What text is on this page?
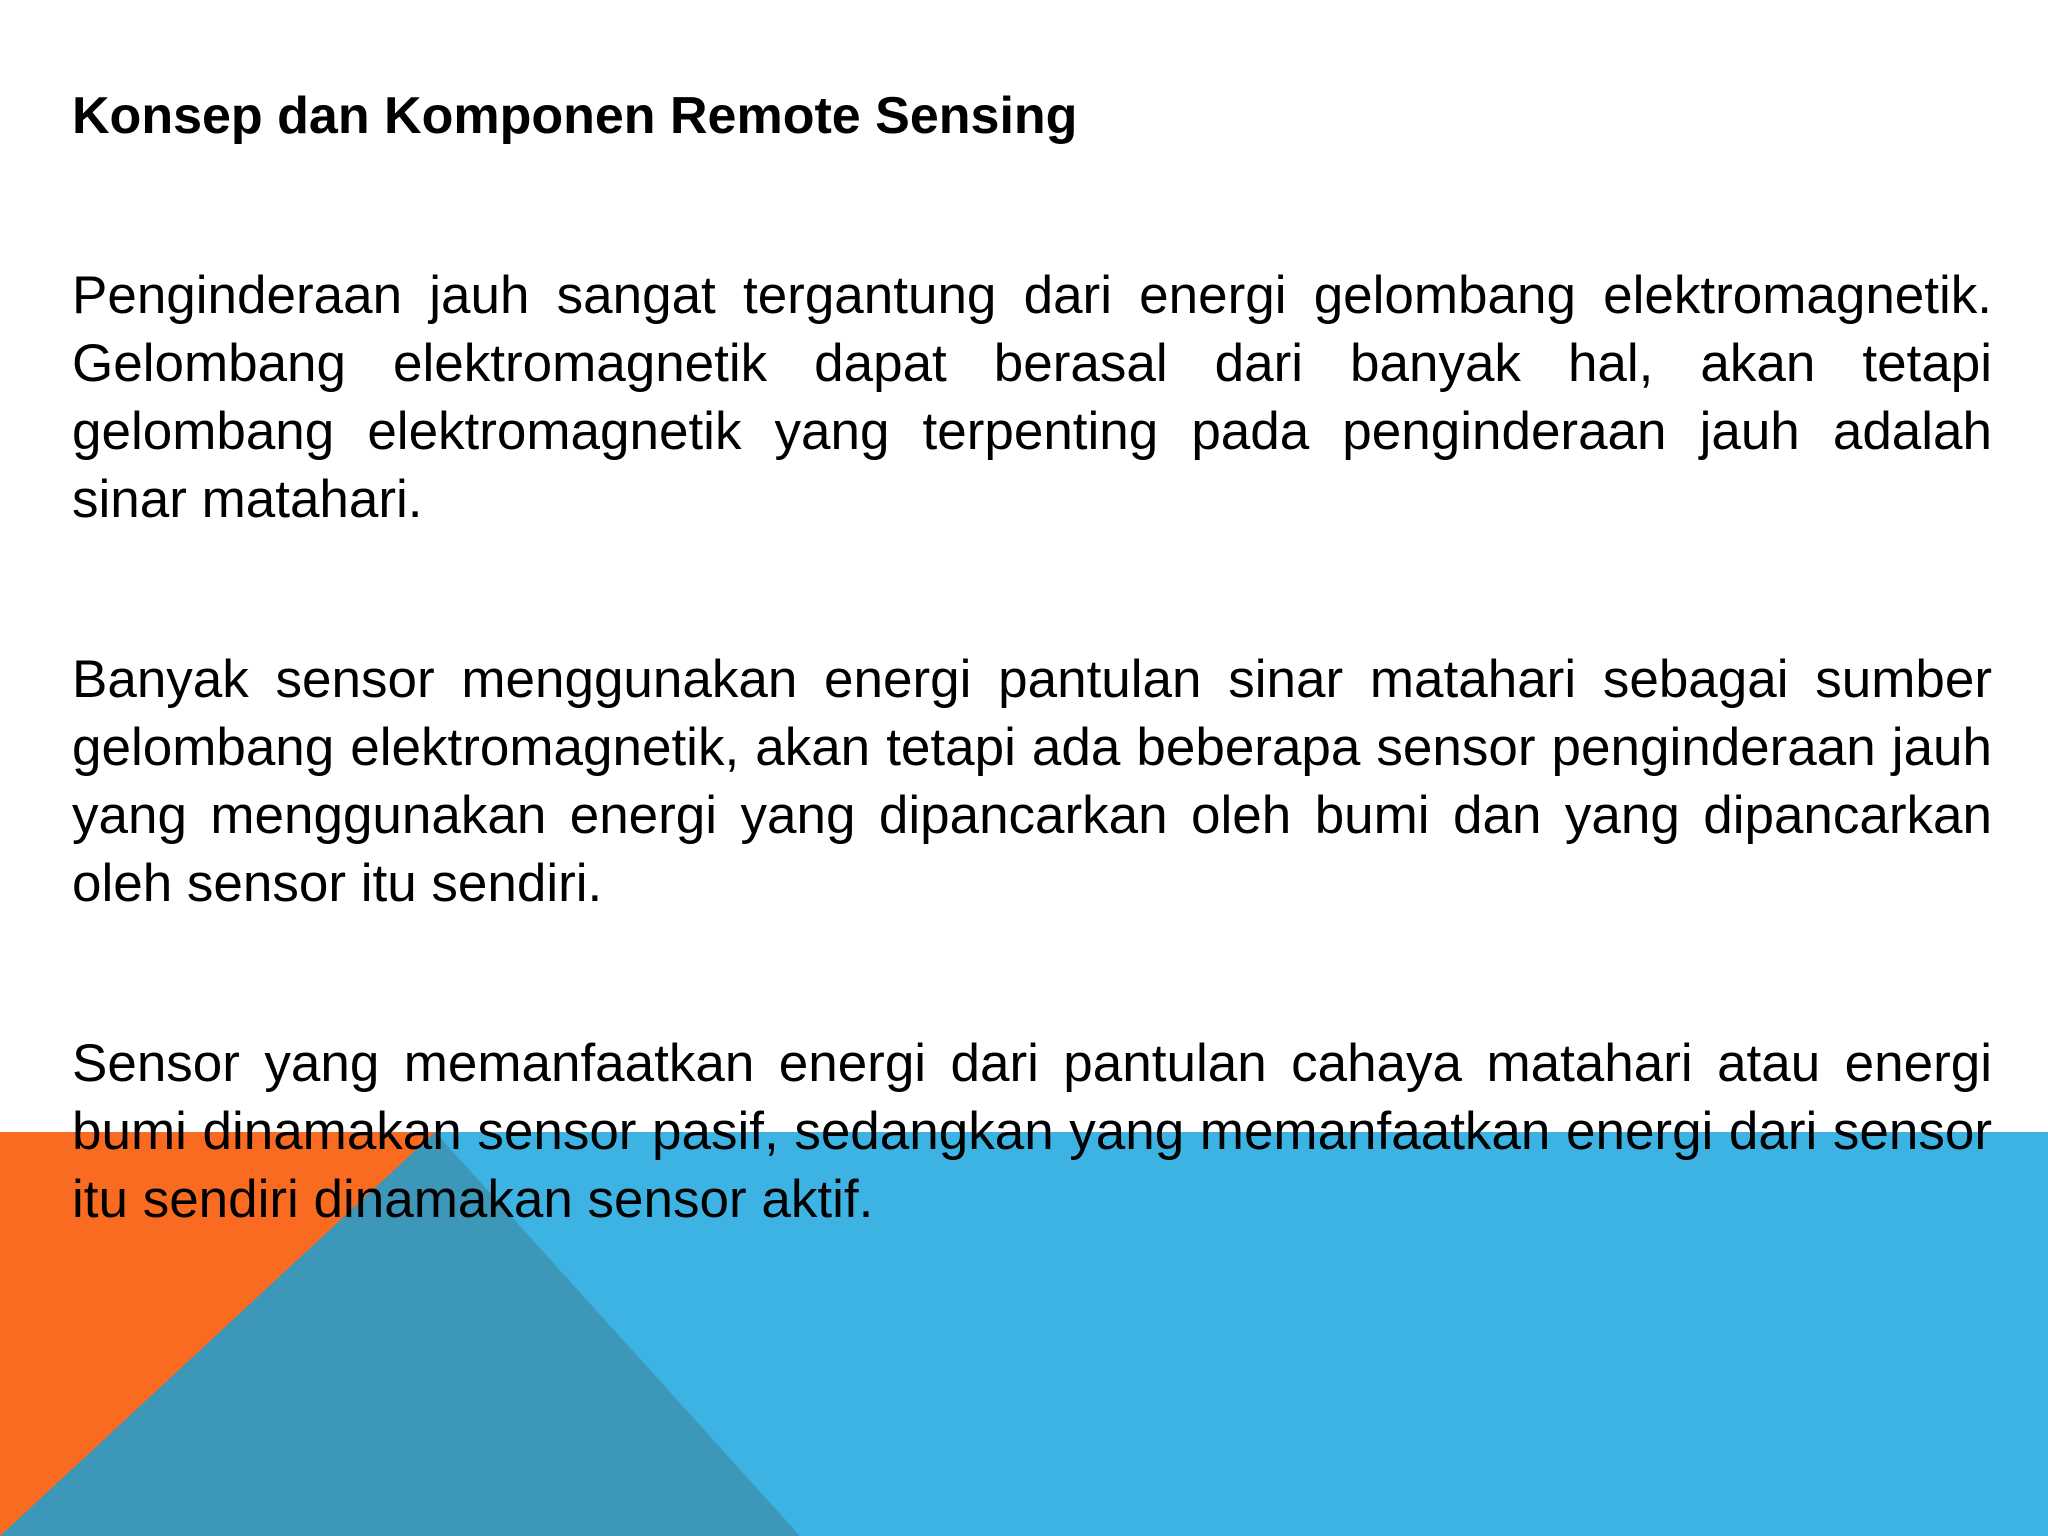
Konsep dan Komponen Remote Sensing

Penginderaan jauh sangat tergantung dari energi gelombang elektromagnetik. Gelombang elektromagnetik dapat berasal dari banyak hal, akan tetapi gelombang elektromagnetik yang terpenting pada penginderaan jauh adalah sinar matahari.

Banyak sensor menggunakan energi pantulan sinar matahari sebagai sumber gelombang elektromagnetik, akan tetapi ada beberapa sensor penginderaan jauh yang menggunakan energi yang dipancarkan oleh bumi dan yang dipancarkan oleh sensor itu sendiri.

Sensor yang memanfaatkan energi dari pantulan cahaya matahari atau energi bumi dinamakan sensor pasif, sedangkan yang memanfaatkan energi dari sensor itu sendiri dinamakan sensor aktif.
